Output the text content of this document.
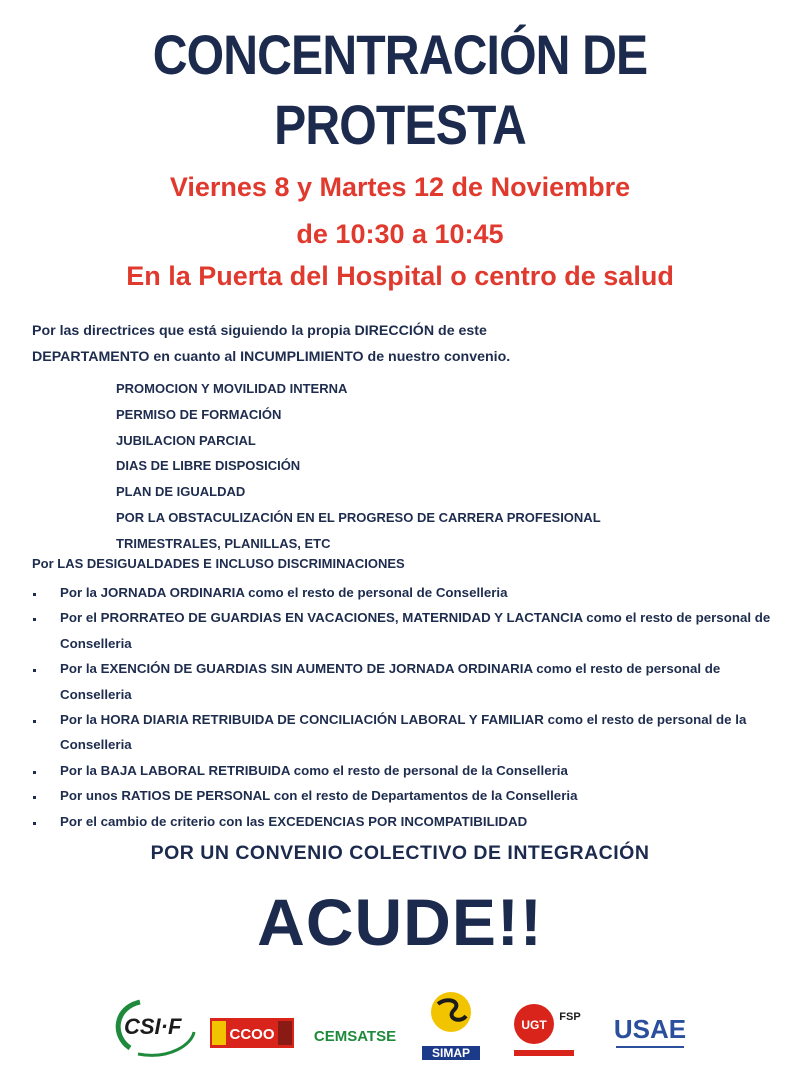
CONCENTRACIÓN DE
PROTESTA
Viernes 8 y Martes 12 de Noviembre
de 10:30 a 10:45
En la Puerta del Hospital o centro de salud
Por las directrices que está siguiendo la propia DIRECCIÓN de este
DEPARTAMENTO en cuanto al INCUMPLIMIENTO de nuestro convenio.
PROMOCION Y MOVILIDAD INTERNA
PERMISO DE FORMACIÓN
JUBILACION PARCIAL
DIAS DE LIBRE DISPOSICIÓN
PLAN DE IGUALDAD
POR LA OBSTACULIZACIÓN EN EL PROGRESO DE CARRERA PROFESIONAL
TRIMESTRALES, PLANILLAS, ETC
Por LAS DESIGUALDADES E INCLUSO DISCRIMINACIONES
Por la JORNADA ORDINARIA como el resto de personal de Conselleria
Por el PRORRATEO DE GUARDIAS EN VACACIONES, MATERNIDAD Y LACTANCIA como el resto de personal de Conselleria
Por la EXENCIÓN DE GUARDIAS SIN AUMENTO DE JORNADA ORDINARIA como el resto de personal de Conselleria
Por la HORA DIARIA RETRIBUIDA DE CONCILIACIÓN LABORAL Y FAMILIAR como el resto de personal de la Conselleria
Por la BAJA LABORAL RETRIBUIDA como el resto de personal de la Conselleria
Por unos RATIOS DE PERSONAL con el resto de Departamentos de la Conselleria
Por el cambio de criterio con las EXCEDENCIAS POR INCOMPATIBILIDAD
POR UN CONVENIO COLECTIVO DE INTEGRACIÓN
ACUDE!!
CSI·F	CCOO	CEMSATSE
SIMAP
UGT
FSP USAE
